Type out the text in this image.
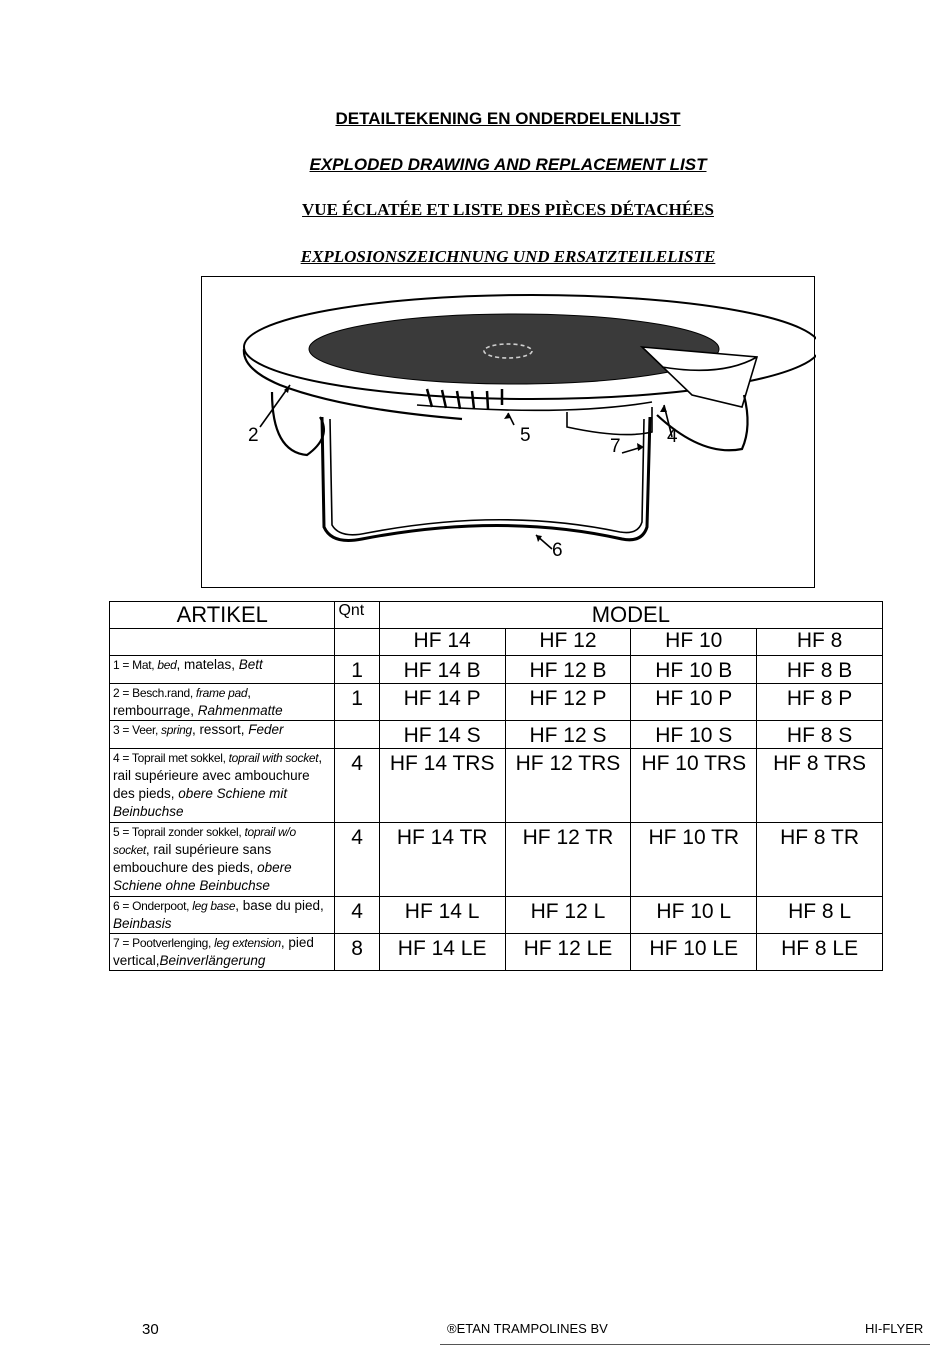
DETAILTEKENING EN ONDERDELENLIJST
EXPLODED DRAWING AND REPLACEMENT LIST
VUE ÉCLATÉE ET LISTE DES PIÈCES DÉTACHÉES
EXPLOSIONSZEICHNUNG UND ERSATZTEILELISTE
2	5
7 4
6
ARTIKEL	Qnt	MODEL			
		HF 14	HF 12	HF 10	HF 8
1 = Mat, bed, matelas, Bett	1	HF 14 B	HF 12 B	HF 10 B	HF 8 B
2 = Besch.rand, frame pad, rembourrage, Rahmenmatte	1	HF 14 P	HF 12 P	HF 10 P	HF 8 P
3 = Veer, spring, ressort, Feder		HF 14 S	HF 12 S	HF 10 S	HF 8 S
4 = Toprail met sokkel, toprail with socket, rail supérieure avec ambouchure des pieds, obere Schiene mit Beinbuchse	4	HF 14 TRS	HF 12 TRS	HF 10 TRS	HF 8 TRS
5 = Toprail zonder sokkel, toprail w/o socket, rail supérieure sans embouchure des pieds, obere Schiene ohne Beinbuchse	4	HF 14 TR	HF 12 TR	HF 10 TR	HF 8 TR
6 = Onderpoot, leg base, base du pied, Beinbasis	4	HF 14 L	HF 12 L	HF 10 L	HF 8 L
7 = Pootverlenging, leg extension, pied vertical,Beinverlängerung	8	HF 14 LE	HF 12 LE	HF 10 LE	HF 8 LE
30	®ETAN TRAMPOLINES BV	HI-FLYER
